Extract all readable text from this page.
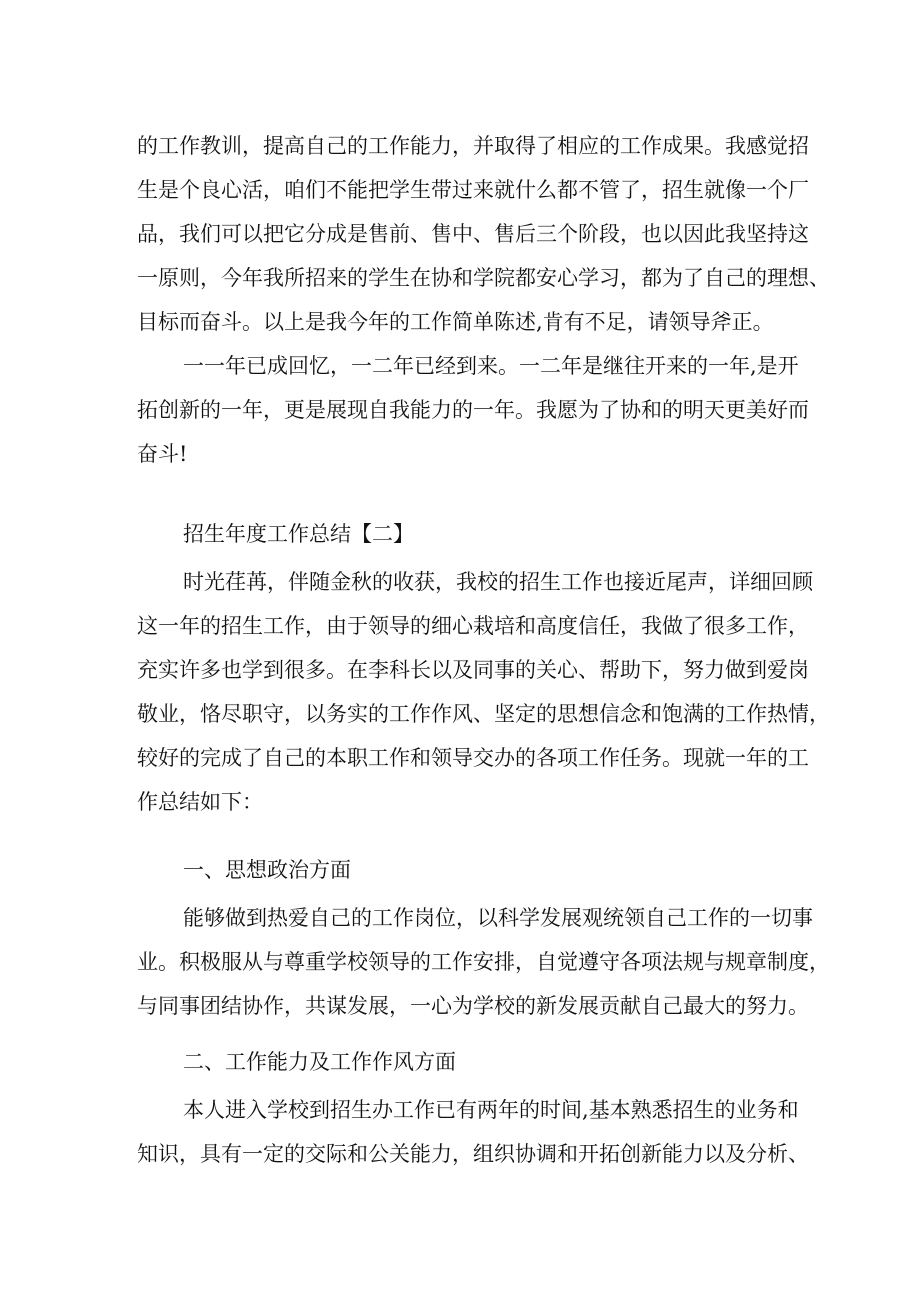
的工作教训，提高自己的工作能力，并取得了相应的工作成果。我感觉招
生是个良心活，咱们不能把学生带过来就什么都不管了，招生就像一个厂
品，我们可以把它分成是售前、售中、售后三个阶段，也以因此我坚持这
一原则，今年我所招来的学生在协和学院都安心学习，都为了自己的理想、
目标而奋斗。以上是我今年的工作简单陈述,肯有不足，请领导斧正。
一一年已成回忆，一二年已经到来。一二年是继往开来的一年,是开
拓创新的一年，更是展现自我能力的一年。我愿为了协和的明天更美好而
奋斗!
招生年度工作总结【二】
时光荏苒，伴随金秋的收获，我校的招生工作也接近尾声，详细回顾
这一年的招生工作，由于领导的细心栽培和高度信任，我做了很多工作，
充实许多也学到很多。在李科长以及同事的关心、帮助下，努力做到爱岗
敬业，恪尽职守，以务实的工作作风、坚定的思想信念和饱满的工作热情，
较好的完成了自己的本职工作和领导交办的各项工作任务。现就一年的工
作总结如下：
一、思想政治方面
能够做到热爱自己的工作岗位，以科学发展观统领自己工作的一切事
业。积极服从与尊重学校领导的工作安排，自觉遵守各项法规与规章制度，
与同事团结协作，共谋发展，一心为学校的新发展贡献自己最大的努力。
二、工作能力及工作作风方面
本人进入学校到招生办工作已有两年的时间,基本熟悉招生的业务和
知识，具有一定的交际和公关能力，组织协调和开拓创新能力以及分析、
